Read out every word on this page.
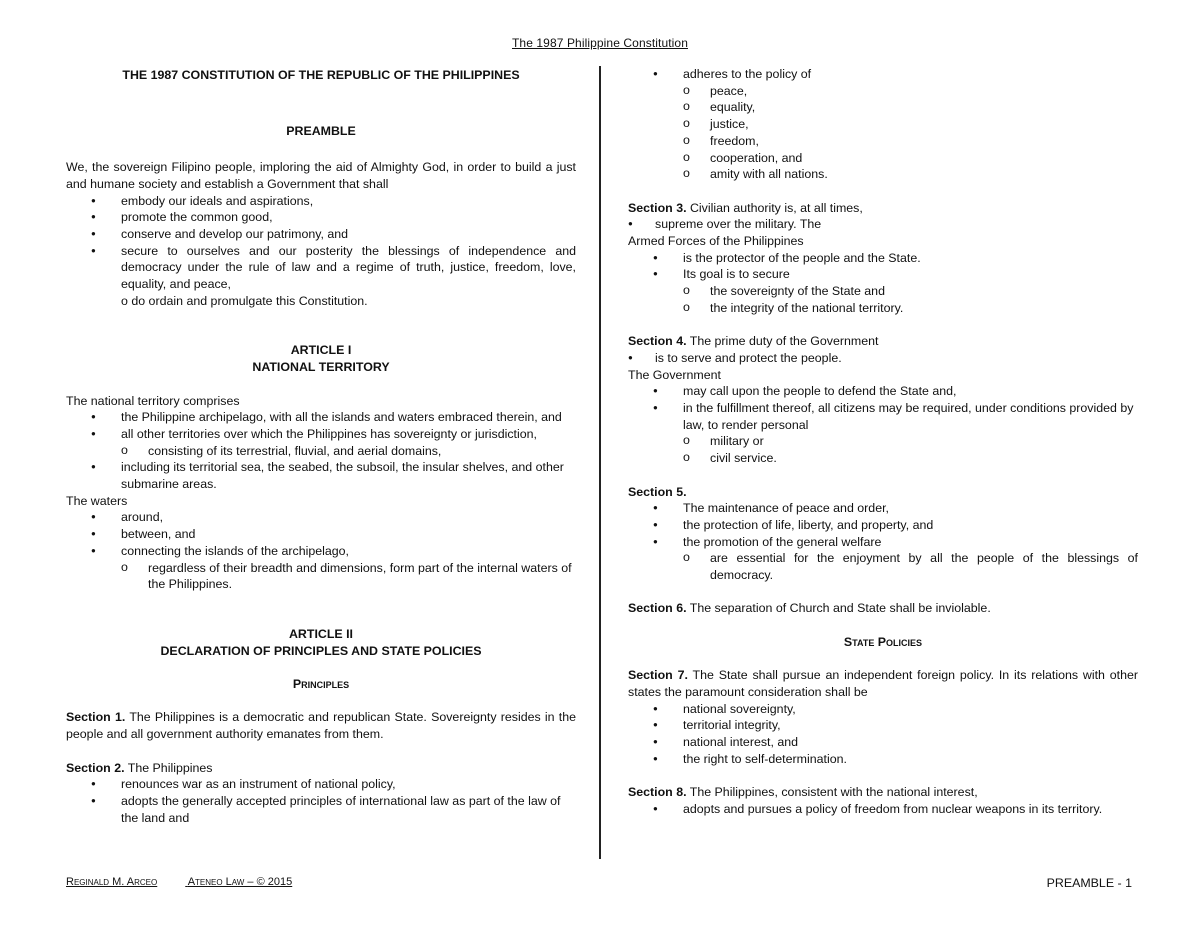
The 1987 Philippine Constitution

THE 1987 CONSTITUTION OF THE REPUBLIC OF THE PHILIPPINES

PREAMBLE

We, the sovereign Filipino people, imploring the aid of Almighty God, in order to build a just and humane society and establish a Government that shall

● embody our ideals and aspirations,
● promote the common good,
● conserve and develop our patrimony, and
● secure to ourselves and our posterity the blessings of independence and democracy under the rule of law and a regime of truth, justice, freedom, love, equality, and peace,

o do ordain and promulgate this Constitution.

ARTICLE I

NATIONAL TERRITORY

The national territory comprises

● the Philippine archipelago, with all the islands and waters embraced therein, and
● all other territories over which the Philippines has sovereignty or jurisdiction,
o consisting of its terrestrial, fluvial, and aerial domains,
● including its territorial sea, the seabed, the subsoil, the insular shelves, and other submarine areas.

The waters

● around,
● between, and
● connecting the islands of the archipelago,
o regardless of their breadth and dimensions, form part of the internal waters of the Philippines.

ARTICLE II

DECLARATION OF PRINCIPLES AND STATE POLICIES

Principles

Section 1. The Philippines is a democratic and republican State. Sovereignty resides in the people and all government authority emanates from them.

Section 2. The Philippines

● renounces war as an instrument of national policy,
● adopts the generally accepted principles of international law as part of the law of the land and
● adheres to the policy of
o peace,
o equality,
o justice,
o freedom,
o cooperation, and
o amity with all nations.

Section 3. Civilian authority is, at all times,

● supreme over the military. The

Armed Forces of the Philippines

● is the protector of the people and the State.
● Its goal is to secure
o the sovereignty of the State and
o the integrity of the national territory.

Section 4. The prime duty of the Government

● is to serve and protect the people.

The Government

● may call upon the people to defend the State and,
● in the fulfillment thereof, all citizens may be required, under conditions provided by law, to render personal
o military or
o civil service.

Section 5.

● The maintenance of peace and order,
● the protection of life, liberty, and property, and
● the promotion of the general welfare
o are essential for the enjoyment by all the people of the blessings of democracy.

Section 6. The separation of Church and State shall be inviolable.

State Policies

Section 7. The State shall pursue an independent foreign policy. In its relations with other states the paramount consideration shall be

● national sovereignty,
● territorial integrity,
● national interest, and
● the right to self-determination.

Section 8. The Philippines, consistent with the national interest,

● adopts and pursues a policy of freedom from nuclear weapons in its territory.
Reginald M. Arceo	Ateneo Law – © 2015	PREAMBLE - 1
